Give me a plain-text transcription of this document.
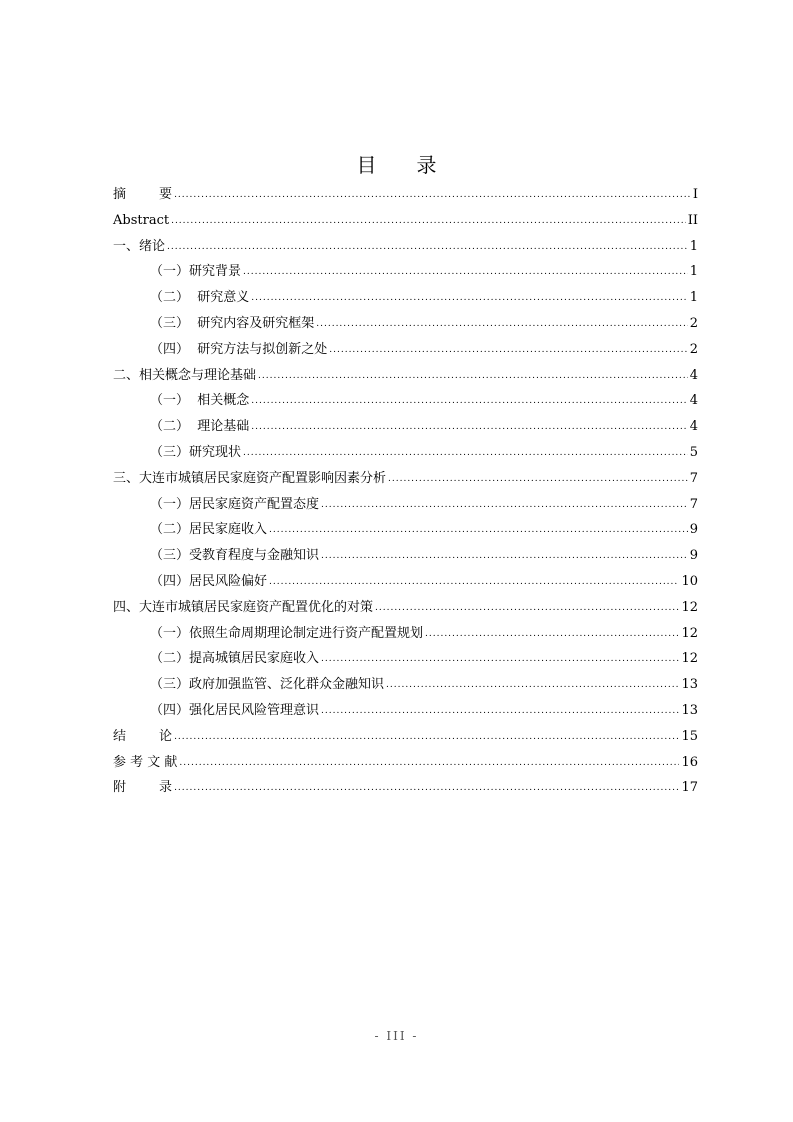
目 录
摘        要 .....	I
Abstract .....	II
一、绪论 .....	1
（一）研究背景 .....	1
（二）  研究意义 .....	1
（三）  研究内容及研究框架 .....	2
（四）  研究方法与拟创新之处 .....	2
二、相关概念与理论基础 .....	4
（一）  相关概念 .....	4
（二）  理论基础 .....	4
（三）研究现状 .....	5
三、大连市城镇居民家庭资产配置影响因素分析 .....	7
（一）居民家庭资产配置态度 .....	7
（二）居民家庭收入 .....	9
（三）受教育程度与金融知识 .....	9
（四）居民风险偏好 .....	10
四、大连市城镇居民家庭资产配置优化的对策 .....	12
（一）依照生命周期理论制定进行资产配置规划 .....	12
（二）提高城镇居民家庭收入 .....	12
（三）政府加强监管、泛化群众金融知识 .....	13
（四）强化居民风险管理意识 .....	13
结        论 .....	15
参 考 文 献 .....	16
附        录 .....	17
- III -
